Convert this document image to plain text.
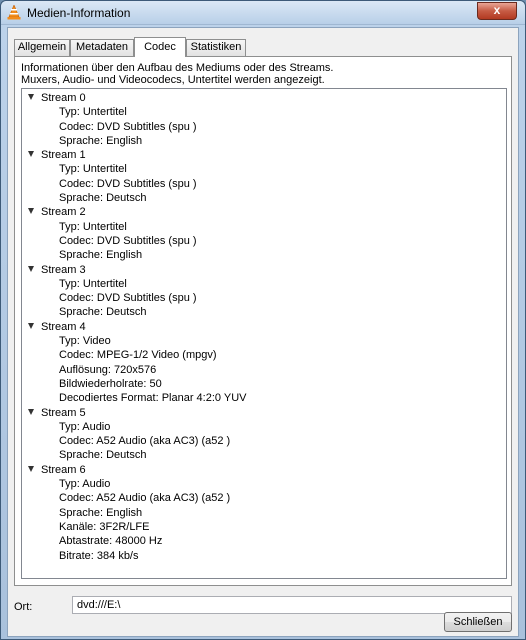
Medien-Information	x
Allgemein Metadaten	Codec	Statistiken
Informationen über den Aufbau des Mediums oder des Streams.
Muxers, Audio- und Videocodecs, Untertitel werden angezeigt.
Stream 0
Typ: Untertitel
Codec: DVD Subtitles (spu )
Sprache: English
Stream 1
Typ: Untertitel
Codec: DVD Subtitles (spu )
Sprache: Deutsch
Stream 2
Typ: Untertitel
Codec: DVD Subtitles (spu )
Sprache: English
Stream 3
Typ: Untertitel
Codec: DVD Subtitles (spu )
Sprache: Deutsch
Stream 4
Typ: Video
Codec: MPEG-1/2 Video (mpgv)
Auflösung: 720x576
Bildwiederholrate: 50
Decodiertes Format: Planar 4:2:0 YUV
Stream 5
Typ: Audio
Codec: A52 Audio (aka AC3) (a52 )
Sprache: Deutsch
Stream 6
Typ: Audio
Codec: A52 Audio (aka AC3) (a52 )
Sprache: English
Kanäle: 3F2R/LFE
Abtastrate: 48000 Hz
Bitrate: 384 kb/s
Ort:	dvd:///E:\
Schließen
